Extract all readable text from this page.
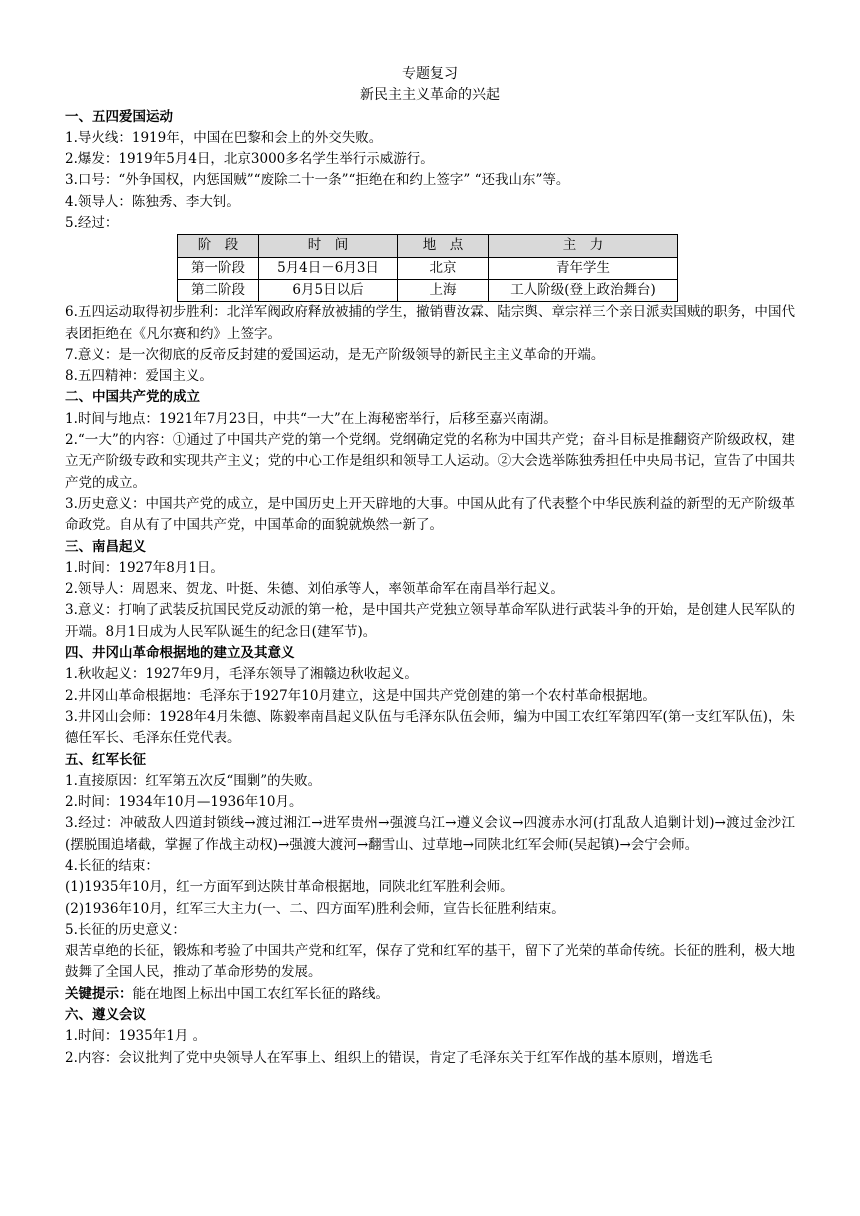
专题复习
新民主主义革命的兴起
一、五四爱国运动

1.导火线：1919年，中国在巴黎和会上的外交失败。

2.爆发：1919年5月4日，北京3000多名学生举行示威游行。

3.口号：“外争国权，内惩国贼”“废除二十一条”“拒绝在和约上签字” “还我山东”等。

4.领导人：陈独秀、李大钊。

5.经过：

阶　段	时　间	地　点	主　力
第一阶段	5月4日－6月3日	北京	青年学生
第二阶段	6月5日以后	上海	工人阶级(登上政治舞台)

6.五四运动取得初步胜利：北洋军阀政府释放被捕的学生，撤销曹汝霖、陆宗舆、章宗祥三个亲日派卖国贼的职务，中国代表团拒绝在《凡尔赛和约》上签字。

7.意义：是一次彻底的反帝反封建的爱国运动，是无产阶级领导的新民主主义革命的开端。

8.五四精神：爱国主义。

二、中国共产党的成立

1.时间与地点：1921年7月23日，中共“一大”在上海秘密举行，后移至嘉兴南湖。

2.“一大”的内容：①通过了中国共产党的第一个党纲。党纲确定党的名称为中国共产党；奋斗目标是推翻资产阶级政权，建立无产阶级专政和实现共产主义；党的中心工作是组织和领导工人运动。②大会选举陈独秀担任中央局书记，宣告了中国共产党的成立。

3.历史意义：中国共产党的成立，是中国历史上开天辟地的大事。中国从此有了代表整个中华民族利益的新型的无产阶级革命政党。自从有了中国共产党，中国革命的面貌就焕然一新了。

三、南昌起义

1.时间：1927年8月1日。

2.领导人：周恩来、贺龙、叶挺、朱德、刘伯承等人，率领革命军在南昌举行起义。

3.意义：打响了武装反抗国民党反动派的第一枪，是中国共产党独立领导革命军队进行武装斗争的开始，是创建人民军队的开端。8月1日成为人民军队诞生的纪念日(建军节)。

四、井冈山革命根据地的建立及其意义

1.秋收起义：1927年9月，毛泽东领导了湘赣边秋收起义。

2.井冈山革命根据地：毛泽东于1927年10月建立，这是中国共产党创建的第一个农村革命根据地。

3.井冈山会师：1928年4月朱德、陈毅率南昌起义队伍与毛泽东队伍会师，编为中国工农红军第四军(第一支红军队伍)，朱德任军长、毛泽东任党代表。

五、红军长征

1.直接原因：红军第五次反“围剿”的失败。

2.时间：1934年10月—1936年10月。

3.经过：冲破敌人四道封锁线→渡过湘江→进军贵州→强渡乌江→遵义会议→四渡赤水河(打乱敌人追剿计划)→渡过金沙江(摆脱围追堵截，掌握了作战主动权)→强渡大渡河→翻雪山、过草地→同陕北红军会师(吴起镇)→会宁会师。

4.长征的结束：

(1)1935年10月，红一方面军到达陕甘革命根据地，同陕北红军胜利会师。

(2)1936年10月，红军三大主力(一、二、四方面军)胜利会师，宣告长征胜利结束。

5.长征的历史意义：

艰苦卓绝的长征，锻炼和考验了中国共产党和红军，保存了党和红军的基干，留下了光荣的革命传统。长征的胜利，极大地鼓舞了全国人民，推动了革命形势的发展。

关键提示：能在地图上标出中国工农红军长征的路线。

六、遵义会议

1.时间：1935年1月 。

2.内容：会议批判了党中央领导人在军事上、组织上的错误，肯定了毛泽东关于红军作战的基本原则，增选毛
